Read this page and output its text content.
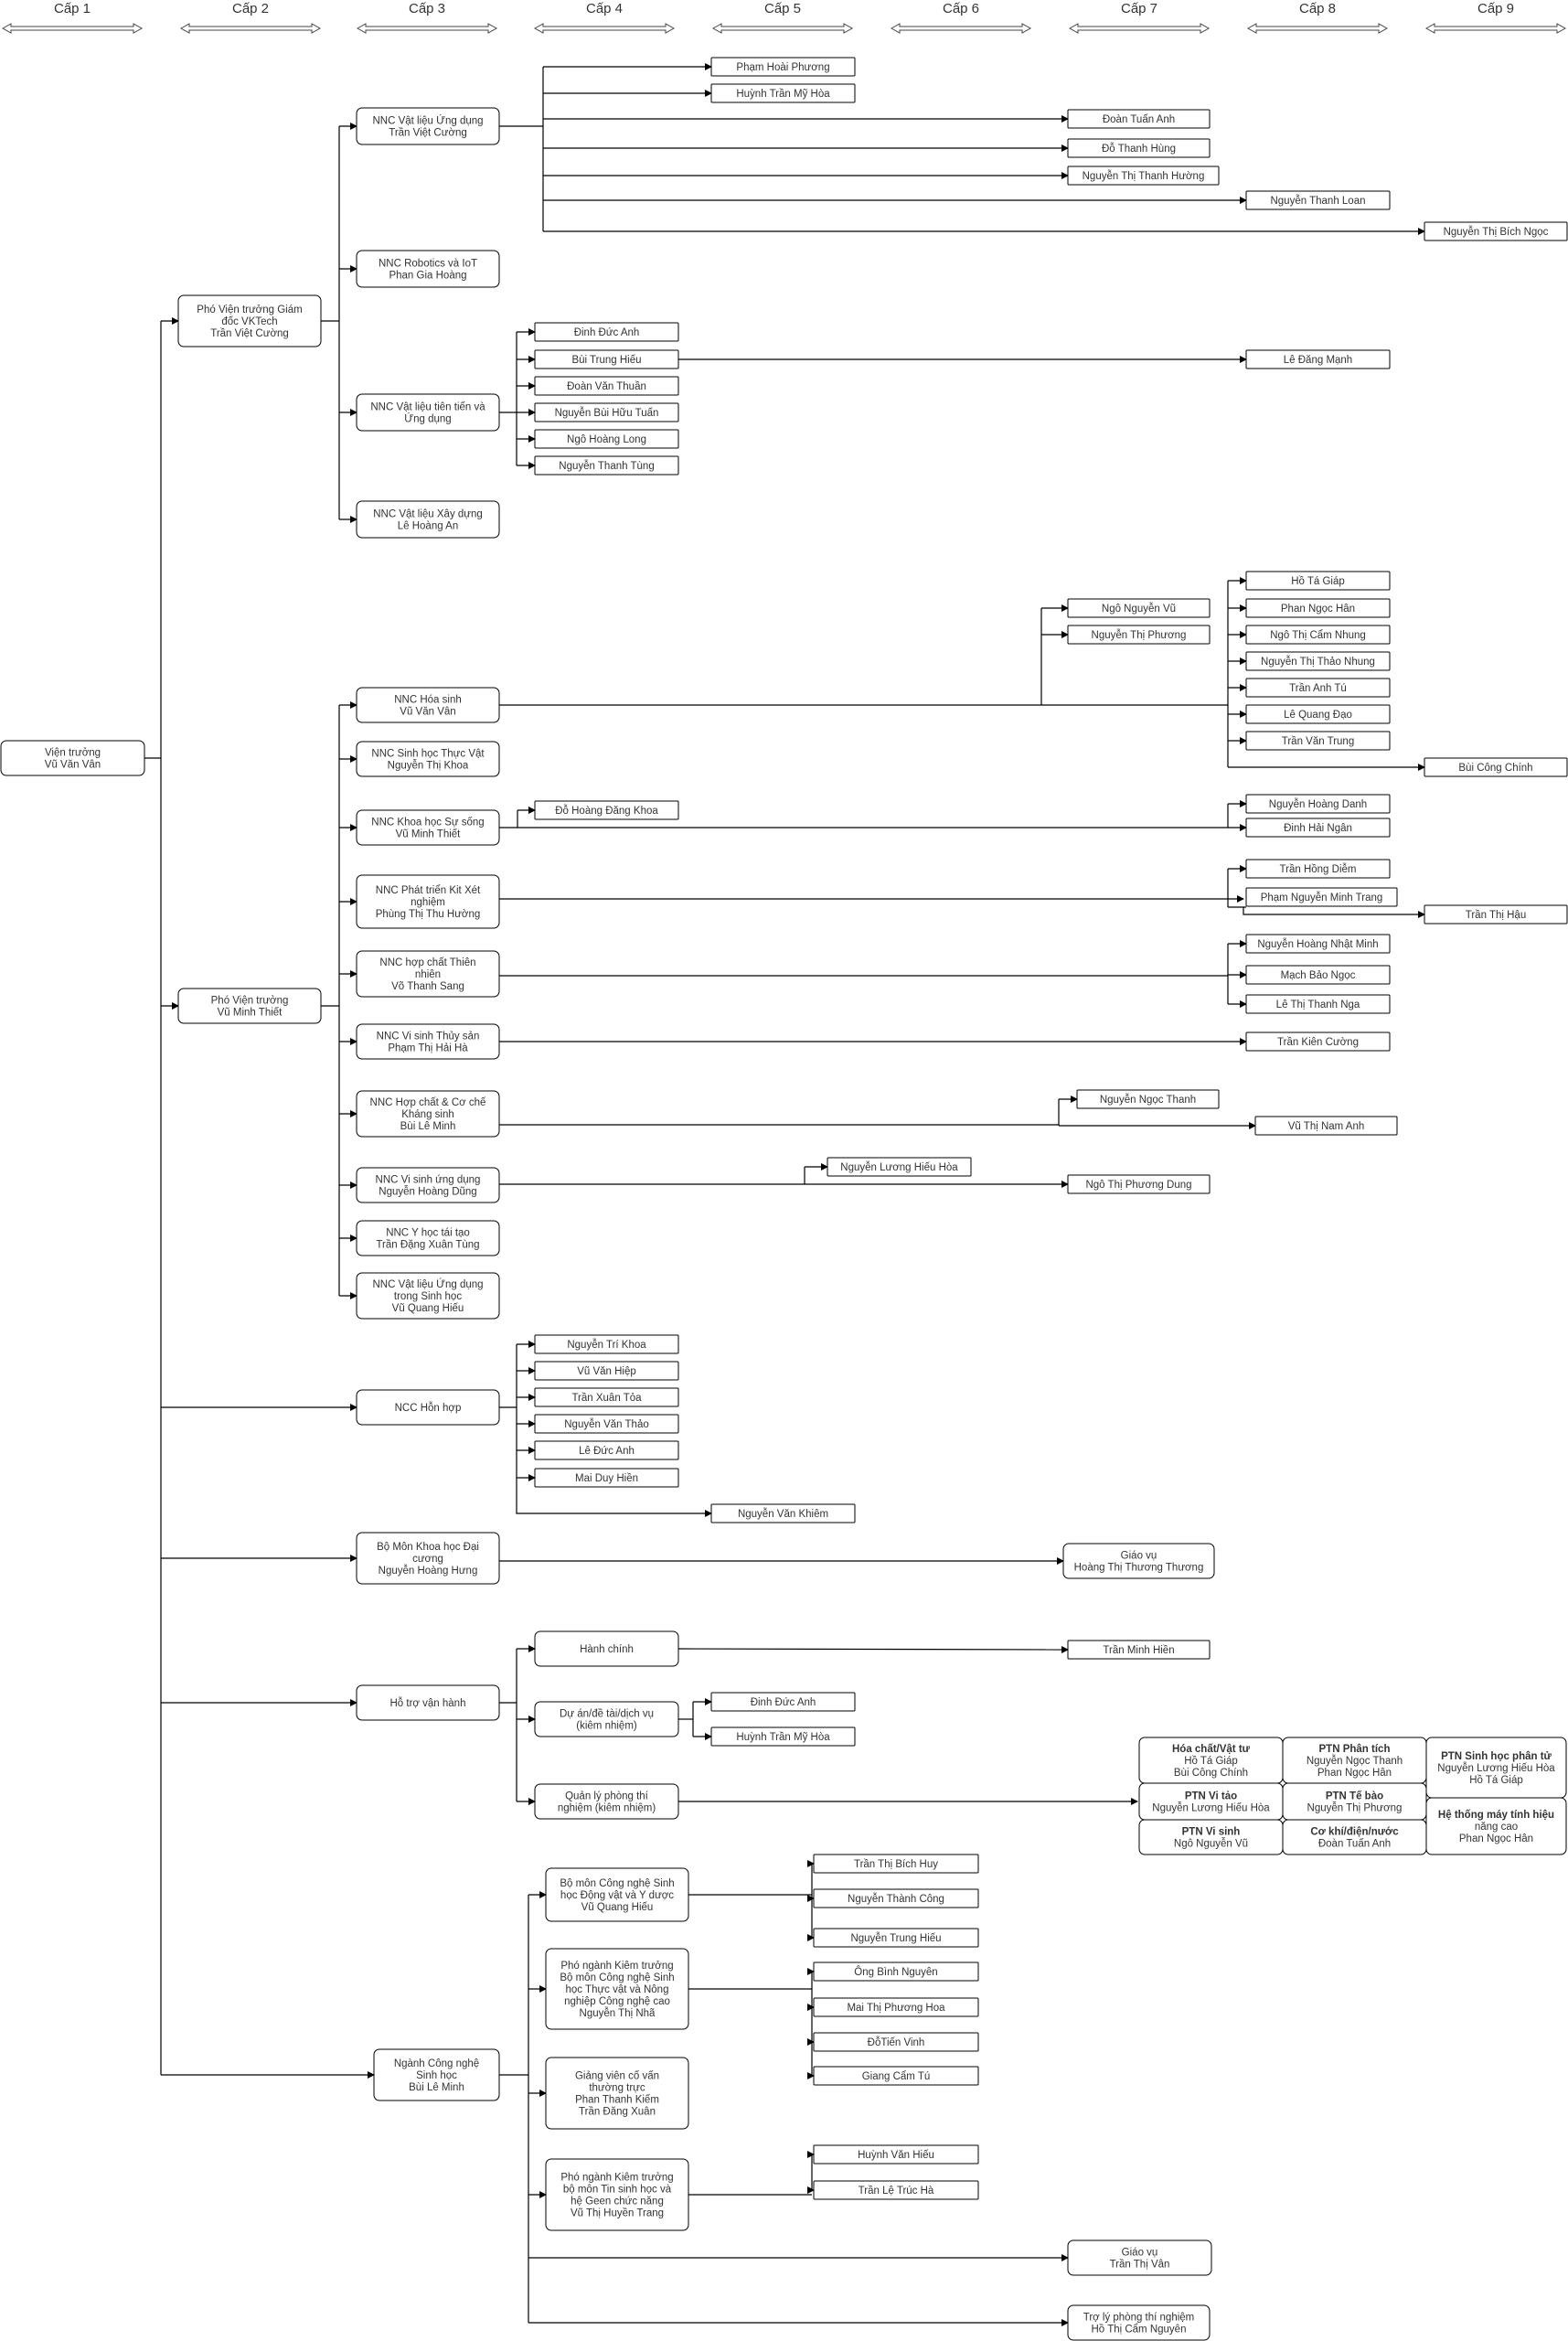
Cấp 1	Cấp 2	Cấp 3	Cấp 4	Cấp 5	Cấp 6	Cấp 7	Cấp 8	Cấp 9
Viện trưởng
Vũ Văn Vân
Phó Viện trưởng Giám
đốc VKTech
Trần Việt Cường
Phó Viện trưởng
Vũ Minh Thiết
NNC Vật liệu Ứng dụng
Trần Việt Cường
NNC Robotics và IoT
Phan Gia Hoàng
NNC Vật liệu tiên tiến và
Ứng dụng
NNC Vật liệu Xây dựng
Lê Hoàng An
Phạm Hoài Phương
Huỳnh Trần Mỹ Hòa
Đoàn Tuấn Anh
Đỗ Thanh Hùng
Nguyễn Thị Thanh Hường
Nguyễn Thanh Loan
Nguyễn Thị Bích Ngọc
Đinh Đức Anh
Bùi Trung Hiếu
Đoàn Văn Thuần
Nguyễn Bùi Hữu Tuấn
Ngô Hoàng Long
Nguyễn Thanh Tùng
Lê Đăng Mạnh
NNC Hóa sinh
Vũ Văn Vân
NNC Sinh học Thực Vật
Nguyễn Thị Khoa
NNC Khoa học Sự sống
Vũ Minh Thiết
NNC Phát triển Kit Xét
nghiệm
Phùng Thị Thu Hường
NNC hợp chất Thiên
nhiên
Võ Thanh Sang
NNC Vi sinh Thủy sản
Phạm Thị Hải Hà
NNC Hợp chất & Cơ chế
Kháng sinh
Bùi Lê Minh
NNC Vi sinh ứng dụng
Nguyễn Hoàng Dũng
NNC Y học tái tạo
Trần Đặng Xuân Tùng
NNC Vật liệu Ứng dụng
trong Sinh học
Vũ Quang Hiếu
Ngô Nguyễn Vũ
Nguyễn Thị Phương
Hồ Tá Giáp
Phan Ngọc Hân
Ngô Thị Cẩm Nhung
Nguyễn Thị Thảo Nhung
Trần Anh Tú
Lê Quang Đạo
Trần Văn Trung
Bùi Công Chính
Đỗ Hoàng Đăng Khoa
Nguyễn Hoàng Danh
Đinh Hải Ngân
Trần Hồng Diễm
Phạm Nguyễn Minh Trang
Trần Thị Hậu
Nguyễn Hoàng Nhật Minh
Mạch Bảo Ngọc
Lê Thị Thanh Nga
Trần Kiên Cường
Nguyễn Ngọc Thanh
Vũ Thị Nam Anh
Nguyễn Lương Hiếu Hòa
Ngô Thị Phương Dung
NCC Hỗn hợp
Nguyễn Trí Khoa
Vũ Văn Hiệp
Trần Xuân Tỏa
Nguyễn Văn Thảo
Lê Đức Anh
Mai Duy Hiền
Nguyễn Văn Khiêm
Bộ Môn Khoa học Đại
cương
Nguyễn Hoàng Hưng
Giáo vụ
Hoàng Thị Thương Thương
Hỗ trợ vận hành
Hành chính	Trần Minh Hiền
Dự án/đề tài/dịch vụ
(kiêm nhiệm)
Đinh Đức Anh
Huỳnh Trần Mỹ Hòa
Quản lý phòng thí
nghiệm (kiêm nhiệm)
Ngành Công nghệ
Sinh học
Bùi Lê Minh
Bộ môn Công nghệ Sinh
học Động vật và Y dược
Vũ Quang Hiếu
Phó ngành Kiêm trưởng
Bộ môn Công nghệ Sinh
học Thực vật và Nông
nghiệp Công nghệ cao
Nguyễn Thị Nhã
Giảng viên cố vấn
thường trực
Phan Thanh Kiếm
Trần Đăng Xuân
Phó ngành Kiêm trưởng
bộ môn Tin sinh học và
hệ Geen chức năng
Vũ Thị Huyền Trang
Trần Thị Bích Huy
Nguyễn Thành Công
Nguyễn Trung Hiếu
Ông Bình Nguyên
Mai Thị Phương Hoa
ĐỗTiến Vinh
Giang Cẩm Tú
Huỳnh Văn Hiếu
Trần Lệ Trúc Hà
Giáo vụ
Trần Thị Vân
Trợ lý phòng thí nghiệm
Hồ Thị Cẩm Nguyên
Hóa chất/Vật tư
Hồ Tá Giáp
Bùi Công Chính
PTN Phân tích
Nguyễn Ngọc Thanh
Phan Ngọc Hân
PTN Sinh học phân tử
Nguyễn Lương Hiếu Hòa
Hồ Tá Giáp
PTN Vi tảo
Nguyễn Lương Hiếu Hòa
PTN Tế bào
Nguyễn Thị Phương
Hệ thống máy tính hiệu
năng cao
Phan Ngọc Hân
PTN Vi sinh
Ngô Nguyễn Vũ
Cơ khí/điện/nước
Đoàn Tuấn Anh
